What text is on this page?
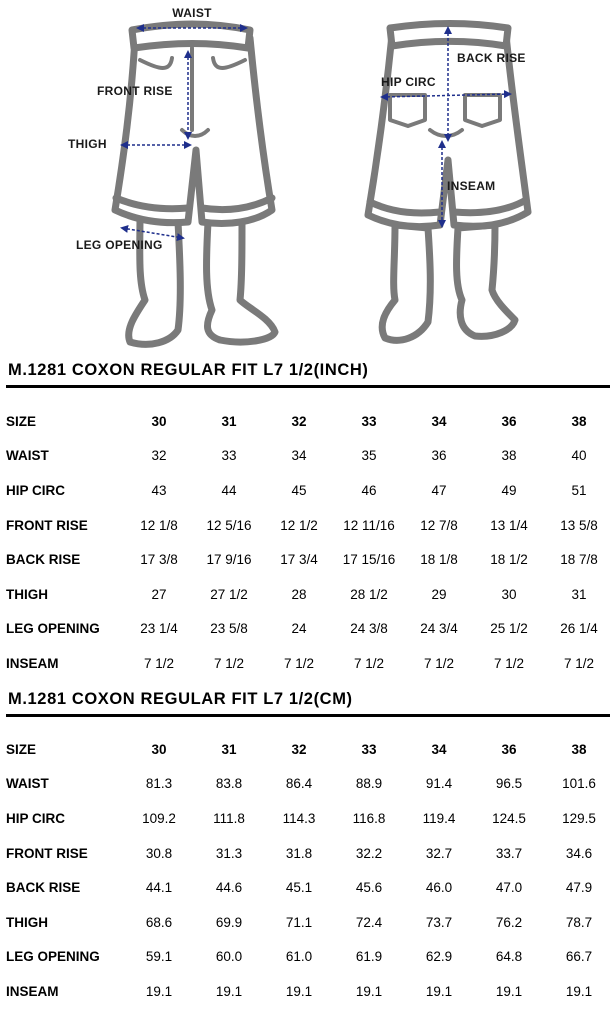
WAIST
FRONT RISE
THIGH
LEG OPENING
BACK RISE
HIP CIRC
INSEAM
M.1281 COXON REGULAR FIT L7 1/2(INCH)
SIZE	30	31	32	33	34	36	38
WAIST	32	33	34	35	36	38	40
HIP CIRC	43	44	45	46	47	49	51
FRONT RISE	12 1/8	12 5/16	12 1/2	12 11/16	12 7/8	13 1/4	13 5/8
BACK RISE	17 3/8	17 9/16	17 3/4	17 15/16	18 1/8	18 1/2	18 7/8
THIGH	27	27 1/2	28	28 1/2	29	30	31
LEG OPENING	23 1/4	23 5/8	24	24 3/8	24 3/4	25 1/2	26 1/4
INSEAM	7 1/2	7 1/2	7 1/2	7 1/2	7 1/2	7 1/2	7 1/2
M.1281 COXON REGULAR FIT L7 1/2(CM)
SIZE	30	31	32	33	34	36	38
WAIST	81.3	83.8	86.4	88.9	91.4	96.5	101.6
HIP CIRC	109.2	111.8	114.3	116.8	119.4	124.5	129.5
FRONT RISE	30.8	31.3	31.8	32.2	32.7	33.7	34.6
BACK RISE	44.1	44.6	45.1	45.6	46.0	47.0	47.9
THIGH	68.6	69.9	71.1	72.4	73.7	76.2	78.7
LEG OPENING	59.1	60.0	61.0	61.9	62.9	64.8	66.7
INSEAM	19.1	19.1	19.1	19.1	19.1	19.1	19.1
